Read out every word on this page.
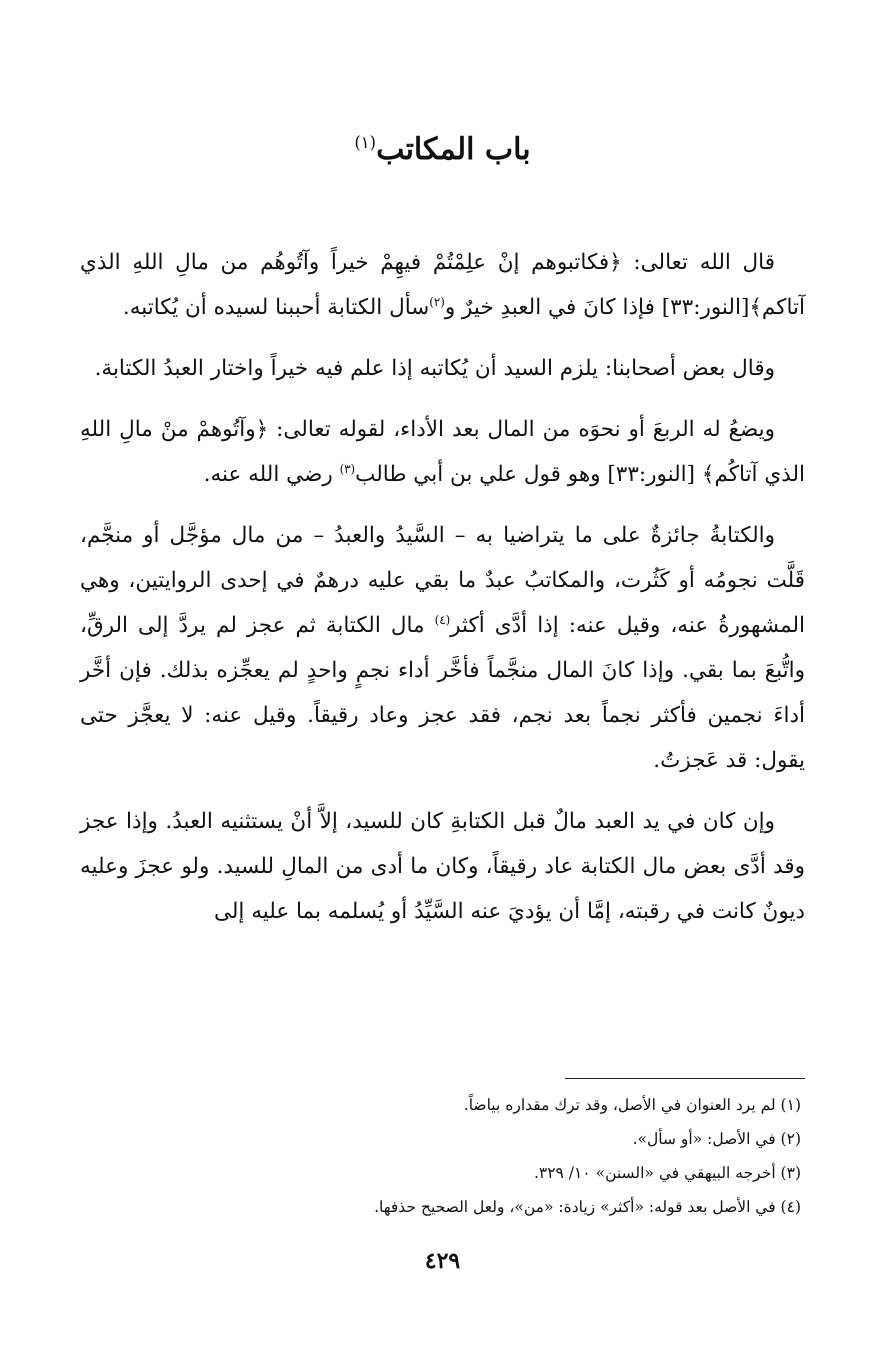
باب المكاتب$^{(١)}$

قال الله تعالى: ﴿فكاتبوهم إنْ علِمْتُمْ فيهِمْ خيراً وآتُوهُم من مالِ اللهِ الذي آتاكم﴾[النور:٣٣] فإذا كانَ في العبدِ خيرٌ و$^{(٢)}$سأل الكتابة أحببنا لسيده أن يُكاتبه.

وقال بعض أصحابنا: يلزم السيد أن يُكاتبه إذا علم فيه خيراً واختار العبدُ الكتابة.

ويضعُ له الربعَ أو نحوَه من المال بعد الأداء، لقوله تعالى: ﴿وآتُوهمْ منْ مالِ اللهِ الذي آتاكُم﴾ [النور:٣٣] وهو قول علي بن أبي طالب$^{(٣)}$ رضي الله عنه.

والكتابةُ جائزةٌ على ما يتراضيا به – السَّيدُ والعبدُ – من مال مؤجَّل أو منجَّم، قَلَّت نجومُه أو كَثُرت، والمكاتبُ عبدٌ ما بقي عليه درهمٌ في إحدى الروايتين، وهي المشهورةُ عنه، وقيل عنه: إذا أدَّى أكثر$^{(٤)}$ مال الكتابة ثم عجز لم يردَّ إلى الرقِّ، واتُّبعَ بما بقي. وإذا كانَ المال منجَّماً فأخَّر أداء نجمٍ واحدٍ لم يعجِّزه بذلك. فإن أخَّر أداءَ نجمين فأكثر نجماً بعد نجم، فقد عجز وعاد رقيقاً. وقيل عنه: لا يعجَّز حتى يقول: قد عَجزتُ.

وإن كان في يد العبد مالٌ قبل الكتابةِ كان للسيد، إلاَّ أنْ يستثنيه العبدُ. وإذا عجز وقد أدَّى بعض مال الكتابة عاد رقيقاً، وكان ما أدى من المالِ للسيد. ولو عجزَ وعليه ديونٌ كانت في رقبته، إمَّا أن يؤديَ عنه السَّيِّدُ أو يُسلمه بما عليه إلى

(١) لم يرد العنوان في الأصل، وقد ترك مقداره بياضاً.

(٢) في الأصل: «أو سأل».

(٣) أخرجه البيهقي في «السنن» ١٠/ ٣٢٩.

(٤) في الأصل بعد قوله: «أكثر» زيادة: «من»، ولعل الصحيح حذفها.

٤٢٩
